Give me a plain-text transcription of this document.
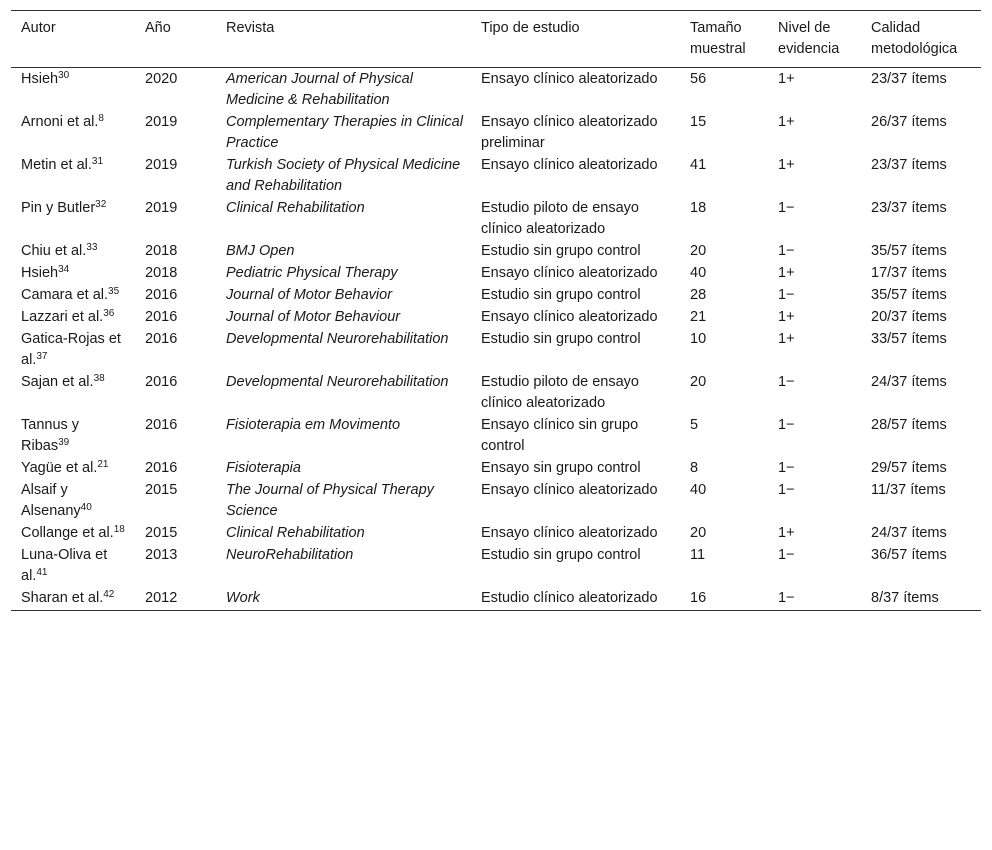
Autor	Año	Revista	Tipo de estudio	Tamaño muestral	Nivel de evidencia	Calidad metodológica
Hsieh$^{30}$	2020	American Journal of Physical Medicine & Rehabilitation	Ensayo clínico aleatorizado	56	1+	23/37 ítems
Arnoni et al.$^8$	2019	Complementary Therapies in Clinical Practice	Ensayo clínico aleatorizado preliminar	15	1+	26/37 ítems
Metin et al.$^{31}$	2019	Turkish Society of Physical Medicine and Rehabilitation	Ensayo clínico aleatorizado	41	1+	23/37 ítems
Pin y Butler$^{32}$	2019	Clinical Rehabilitation	Estudio piloto de ensayo clínico aleatorizado	18	1−	23/37 ítems
Chiu et al.$^{33}$	2018	BMJ Open	Estudio sin grupo control	20	1−	35/57 ítems
Hsieh$^{34}$	2018	Pediatric Physical Therapy	Ensayo clínico aleatorizado	40	1+	17/37 ítems
Camara et al.$^{35}$	2016	Journal of Motor Behavior	Estudio sin grupo control	28	1−	35/57 ítems
Lazzari et al.$^{36}$	2016	Journal of Motor Behaviour	Ensayo clínico aleatorizado	21	1+	20/37 ítems
Gatica-Rojas et al.$^{37}$	2016	Developmental Neurorehabilitation	Estudio sin grupo control	10	1+	33/57 ítems
Sajan et al.$^{38}$	2016	Developmental Neurorehabilitation	Estudio piloto de ensayo clínico aleatorizado	20	1−	24/37 ítems
Tannus y Ribas$^{39}$	2016	Fisioterapia em Movimento	Ensayo clínico sin grupo control	5	1−	28/57 ítems
Yagüe et al.$^{21}$	2016	Fisioterapia	Ensayo sin grupo control	8	1−	29/57 ítems
Alsaif y Alsenany$^{40}$	2015	The Journal of Physical Therapy Science	Ensayo clínico aleatorizado	40	1−	11/37 ítems
Collange et al.$^{18}$	2015	Clinical Rehabilitation	Ensayo clínico aleatorizado	20	1+	24/37 ítems
Luna-Oliva et al.$^{41}$	2013	NeuroRehabilitation	Estudio sin grupo control	11	1−	36/57 ítems
Sharan et al.$^{42}$	2012	Work	Estudio clínico aleatorizado	16	1−	8/37 ítems
